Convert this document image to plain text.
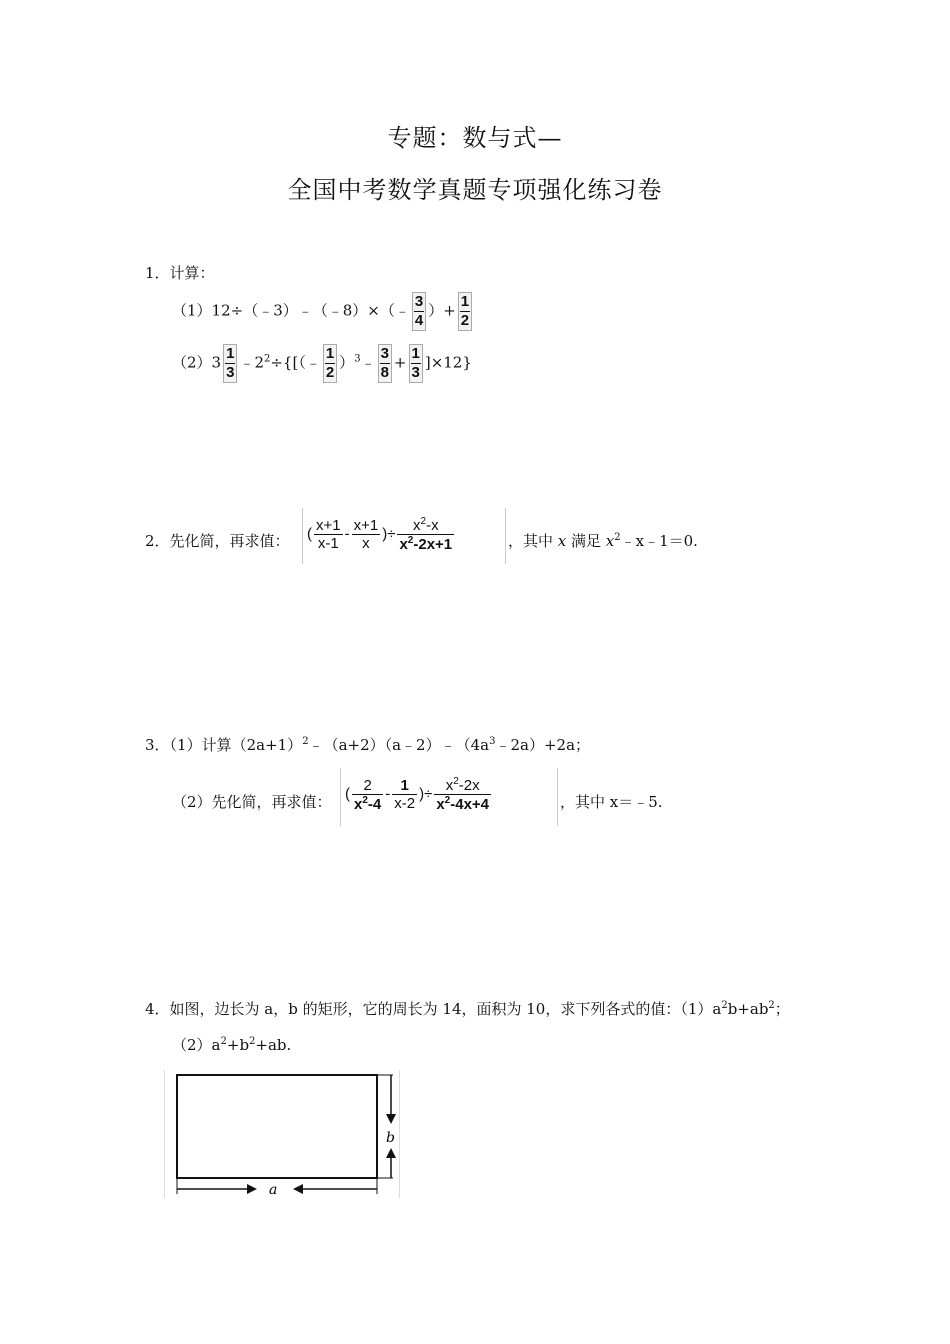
专题：数与式—
全国中考数学真题专项强化练习卷
1．计算：
（1）12÷（﹣3）﹣（﹣8）×（﹣ $\frac{3}{4}$ ）+ $\frac{1}{2}$
$(2)3 \frac{1}{3}$ $﹣2^2\div\{[(﹣ \frac{1}{2}$ ）$^3$﹣ $\frac{3}{8} + \frac{1}{3} ]\times 12$}
2．先化简，再求值： ( $\frac{x+1}{x-1} - \frac{x+1}{x}$ )÷ $\frac{x^2-x}{x^2-2x+1}$	，其中 x 满足 $x^2﹣x﹣1=0$.
3．（1）计算$(2a+1)^2﹣(a+2)(a﹣2)﹣(4a^3﹣2a)+2a$；
（2）先化简，再求值： ( $\frac{2}{x^2-4} - \frac{1}{x-2}$ )÷ $\frac{x^2-2x}{x^2-4x+4}$	，其中 x＝﹣5.
4．如图，边长为 a，b 的矩形，它的周长为 14，面积为 10，求下列各式的值：$(1)a^2b+ab^2$；
$(2)a^2+b^2+ab$.
b
a
